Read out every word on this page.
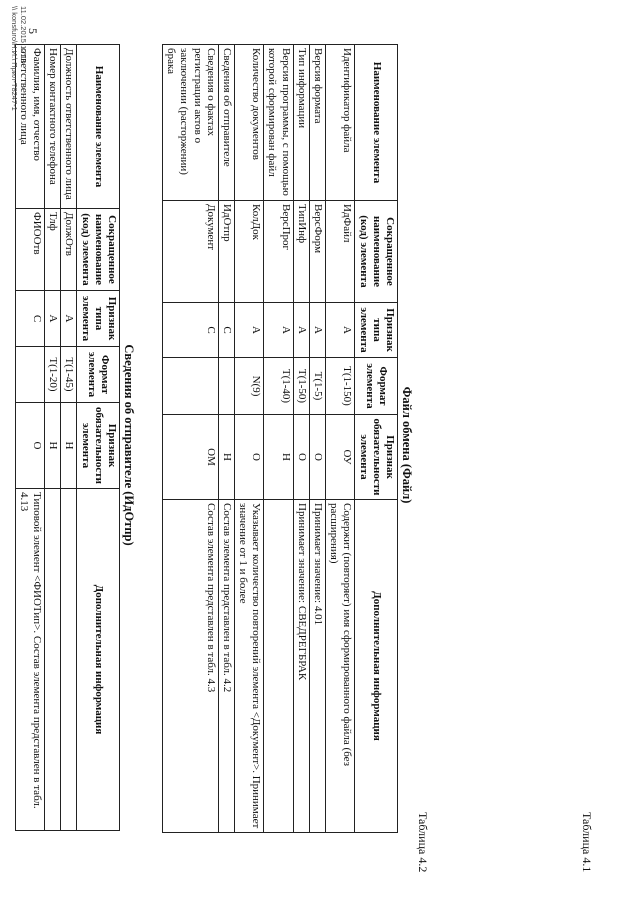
5
Таблица 4.1
Файл обмена (Файл)
Наименование элемента	Сокращенное наименование (код) элемента	Признак типа элемента	Формат элемента	Признак обязательности элемента	Дополнительная информация
Идентификатор файла	ИдФайл	А	T(1-150)	ОУ	Содержит (повторяет) имя сформированного файла (без расширения)
Версия формата	ВерсФорм	А	T(1-5)	О	Принимает значение: 4.01
Тип информации	ТипИнф	А	T(1-50)	О	Принимает значение: СВЕДРЕГБРАК
Версия программы, с помощью которой сформирован файл	ВерсПрог	А	T(1-40)	Н	
Количество документов	КолДок	А	N(9)	О	Указывает количество повторений элемента <Документ>. Принимает значение от 1 и более
Сведения об отправителе	ИдОтпр	С		Н	Состав элемента представлен в табл. 4.2
Сведения о фактах регистрации актов о заключении (расторжении) брака	Документ	С		ОМ	Состав элемента представлен в табл. 4.3
Таблица 4.2
Сведения об отправителе (ИдОтпр)
Наименование элемента	Сокращенное наименование (код) элемента	Признак типа элемента	Формат элемента	Признак обязательности элемента	Дополнительная информация
Должность ответственного лица	ДолжОтв	А	T(1-45)	Н	
Номер контактного телефона	Тлф	А	T(1-20)	Н	
Фамилия, имя, отчество ответственного лица	ФИООтв	С		О	Типовой элемент <ФИОТип>. Состав элемента представлен в табл. 4.13
11.02.2015 12:11
\\ konsfuro\Н.И.\ Прил-Т8247-1
